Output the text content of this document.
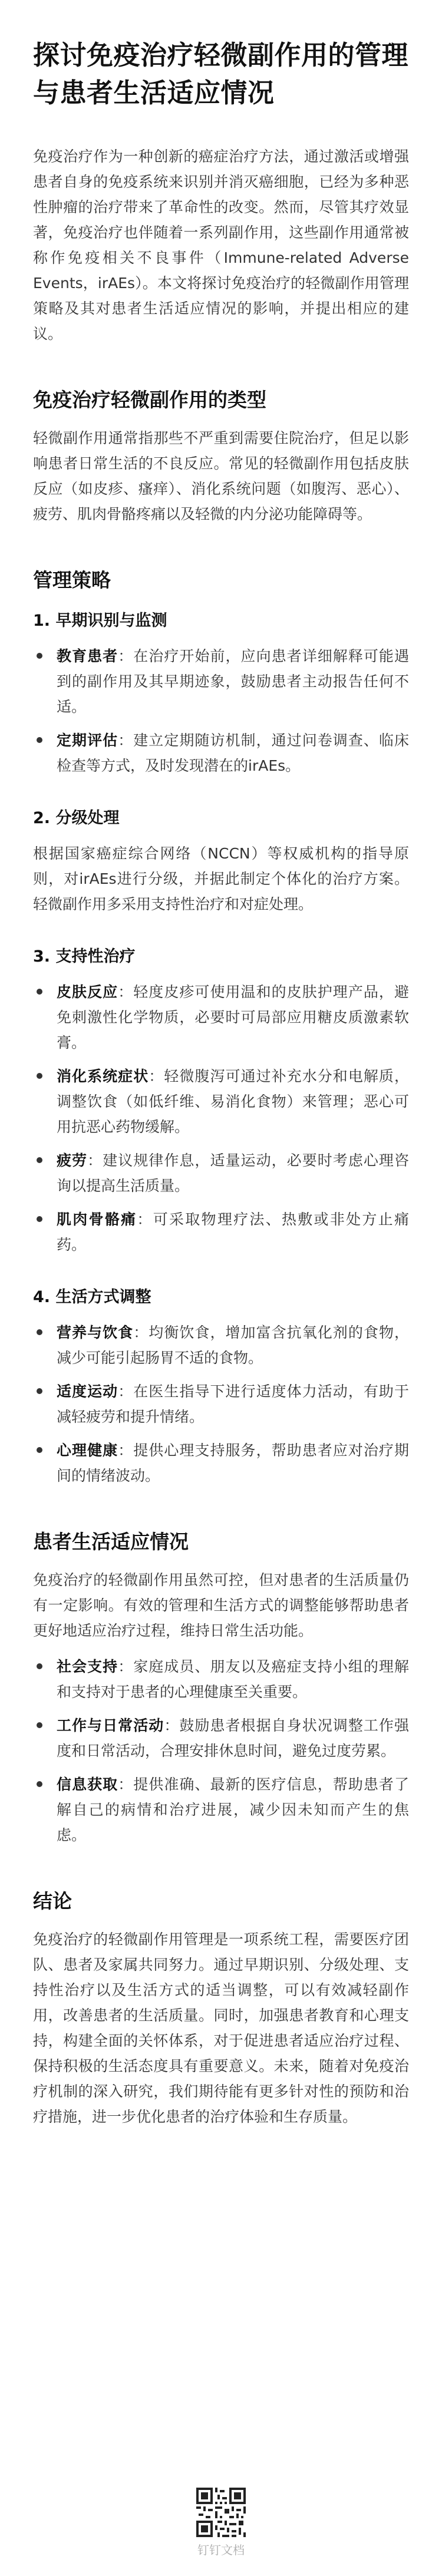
探讨免疫治疗轻微副作用的管理与患者生活适应情况

免疫治疗作为一种创新的癌症治疗方法，通过激活或增强患者自身的免疫系统来识别并消灭癌细胞，已经为多种恶性肿瘤的治疗带来了革命性的改变。然而，尽管其疗效显著，免疫治疗也伴随着一系列副作用，这些副作用通常被称作免疫相关不良事件（Immune-related Adverse Events，irAEs）。本文将探讨免疫治疗的轻微副作用管理策略及其对患者生活适应情况的影响，并提出相应的建议。

免疫治疗轻微副作用的类型

轻微副作用通常指那些不严重到需要住院治疗，但足以影响患者日常生活的不良反应。常见的轻微副作用包括皮肤反应（如皮疹、瘙痒）、消化系统问题（如腹泻、恶心）、疲劳、肌肉骨骼疼痛以及轻微的内分泌功能障碍等。

管理策略
1. 早期识别与监测
教育患者：在治疗开始前，应向患者详细解释可能遇到的副作用及其早期迹象，鼓励患者主动报告任何不适。
定期评估：建立定期随访机制，通过问卷调查、临床检查等方式，及时发现潜在的irAEs。
2. 分级处理

根据国家癌症综合网络（NCCN）等权威机构的指导原则，对irAEs进行分级，并据此制定个体化的治疗方案。轻微副作用多采用支持性治疗和对症处理。

3. 支持性治疗
皮肤反应：轻度皮疹可使用温和的皮肤护理产品，避免刺激性化学物质，必要时可局部应用糖皮质激素软膏。
消化系统症状：轻微腹泻可通过补充水分和电解质，调整饮食（如低纤维、易消化食物）来管理；恶心可用抗恶心药物缓解。
疲劳：建议规律作息，适量运动，必要时考虑心理咨询以提高生活质量。
肌肉骨骼痛：可采取物理疗法、热敷或非处方止痛药。
4. 生活方式调整
营养与饮食：均衡饮食，增加富含抗氧化剂的食物，减少可能引起肠胃不适的食物。
适度运动：在医生指导下进行适度体力活动，有助于减轻疲劳和提升情绪。
心理健康：提供心理支持服务，帮助患者应对治疗期间的情绪波动。
患者生活适应情况

免疫治疗的轻微副作用虽然可控，但对患者的生活质量仍有一定影响。有效的管理和生活方式的调整能够帮助患者更好地适应治疗过程，维持日常生活功能。

社会支持：家庭成员、朋友以及癌症支持小组的理解和支持对于患者的心理健康至关重要。
工作与日常活动：鼓励患者根据自身状况调整工作强度和日常活动，合理安排休息时间，避免过度劳累。
信息获取：提供准确、最新的医疗信息，帮助患者了解自己的病情和治疗进展，减少因未知而产生的焦虑。
结论

免疫治疗的轻微副作用管理是一项系统工程，需要医疗团队、患者及家属共同努力。通过早期识别、分级处理、支持性治疗以及生活方式的适当调整，可以有效减轻副作用，改善患者的生活质量。同时，加强患者教育和心理支持，构建全面的关怀体系，对于促进患者适应治疗过程、保持积极的生活态度具有重要意义。未来，随着对免疫治疗机制的深入研究，我们期待能有更多针对性的预防和治疗措施，进一步优化患者的治疗体验和生存质量。

钉钉文档
